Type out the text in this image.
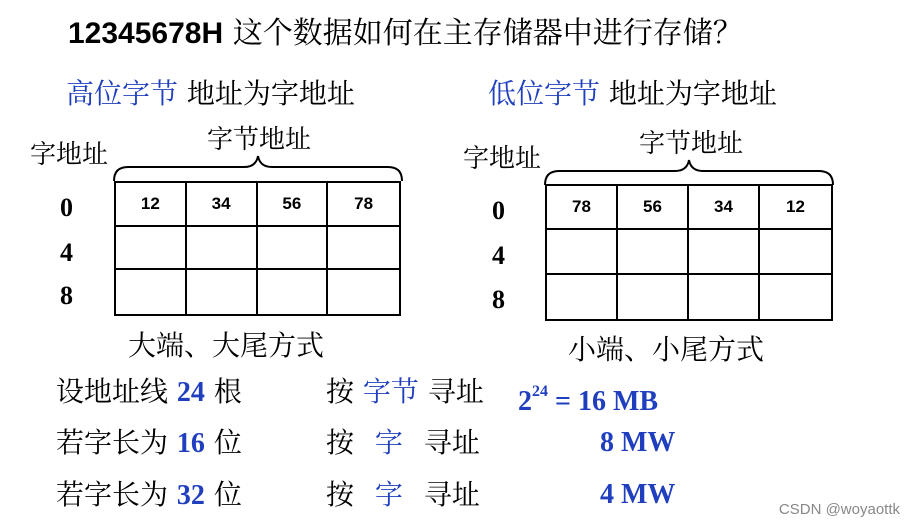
12345678H 这个数据如何在主存储器中进行存储？
高位字节 地址为字地址
字地址	字节地址
0
4
8
12	34	56	78
大端、大尾方式
低位字节 地址为字地址
字地址	字节地址
0
4
8
78	56	34	12
小端、小尾方式
设地址线 24 根	按 字节 寻址 $2^{24} = 16$ MB
若字长为 16 位	按 字 寻址	8 MW
若字长为 32 位	按 字 寻址	4 MW	CSDN @woyaottk
